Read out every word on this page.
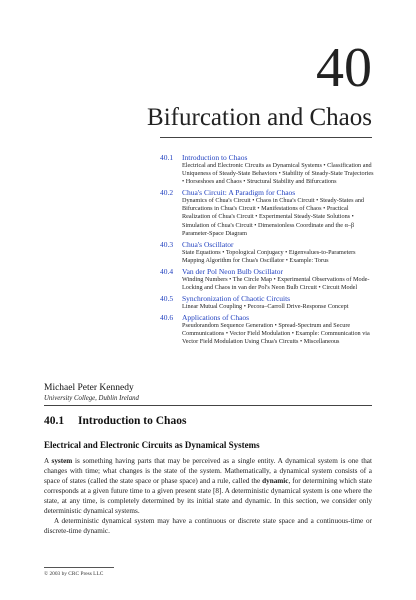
40
Bifurcation and Chaos
40.1	Introduction to Chaos
Electrical and Electronic Circuits as Dynamical Systems • Classification and Uniqueness of Steady-State Behaviors • Stability of Steady-State Trajectories • Horseshoes and Chaos • Structural Stability and Bifurcations
40.2	Chua's Circuit: A Paradigm for Chaos
Dynamics of Chua's Circuit • Chaos in Chua's Circuit • Steady-States and Bifurcations in Chua's Circuit • Manifestations of Chaos • Practical Realization of Chua's Circuit • Experimental Steady-State Solutions • Simulation of Chua's Circuit • Dimensionless Coordinate and the α–β Parameter-Space Diagram
40.3	Chua's Oscillator
State Equations • Topological Conjugacy • Eigenvalues-to-Parameters Mapping Algorithm for Chua's Oscillator • Example: Torus
40.4	Van der Pol Neon Bulb Oscillator
Winding Numbers • The Circle Map • Experimental Observations of Mode-Locking and Chaos in van der Pol's Neon Bulb Circuit • Circuit Model
40.5	Synchronization of Chaotic Circuits
Linear Mutual Coupling • Pecora–Carroll Drive-Response Concept
40.6	Applications of Chaos
Pseudorandom Sequence Generation • Spread-Spectrum and Secure Communications • Vector Field Modulation • Example: Communication via Vector Field Modulation Using Chua's Circuits • Miscellaneous
Michael Peter Kennedy
University College, Dublin Ireland
40.1 Introduction to Chaos
Electrical and Electronic Circuits as Dynamical Systems
A system is something having parts that may be perceived as a single entity. A dynamical system is one that changes with time; what changes is the state of the system. Mathematically, a dynamical system consists of a space of states (called the state space or phase space) and a rule, called the dynamic, for determining which state corresponds at a given future time to a given present state [8]. A deterministic dynamical system is one where the state, at any time, is completely determined by its initial state and dynamic. In this section, we consider only deterministic dynamical systems.
A deterministic dynamical system may have a continuous or discrete state space and a continuous-time or discrete-time dynamic.
© 2003 by CRC Press LLC
